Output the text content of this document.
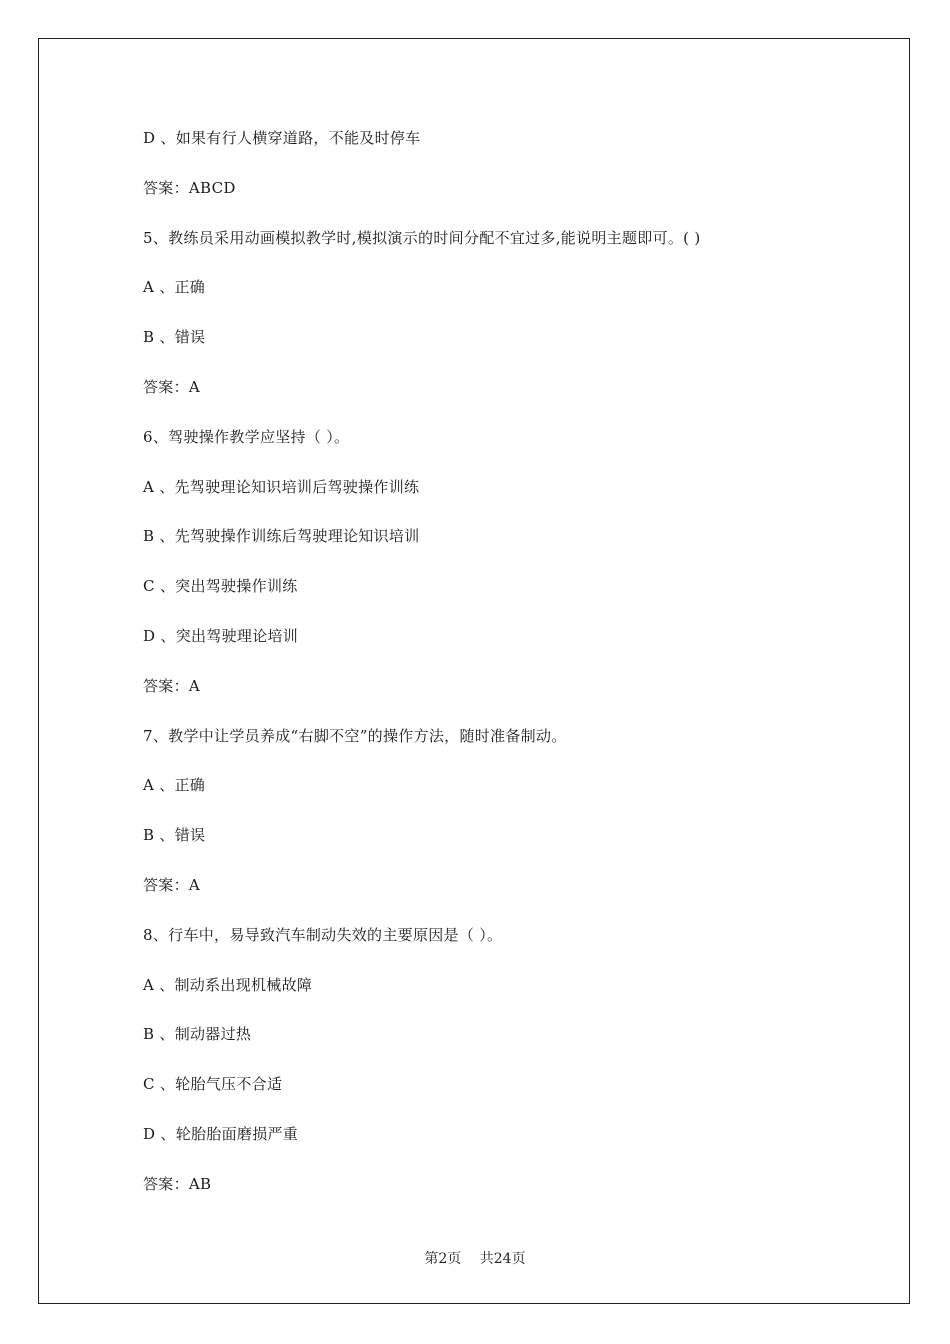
D 、如果有行人横穿道路，不能及时停车
答案：ABCD
5、教练员采用动画模拟教学时,模拟演示的时间分配不宜过多,能说明主题即可。( )
A 、正确
B 、错误
答案：A
6、驾驶操作教学应坚持（ ）。
A 、先驾驶理论知识培训后驾驶操作训练
B 、先驾驶操作训练后驾驶理论知识培训
C 、突出驾驶操作训练
D 、突出驾驶理论培训
答案：A
7、教学中让学员养成“右脚不空”的操作方法，随时准备制动。
A 、正确
B 、错误
答案：A
8、行车中，易导致汽车制动失效的主要原因是（ ）。
A 、制动系出现机械故障
B 、制动器过热
C 、轮胎气压不合适
D 、轮胎胎面磨损严重
答案：AB
第2页 共24页
